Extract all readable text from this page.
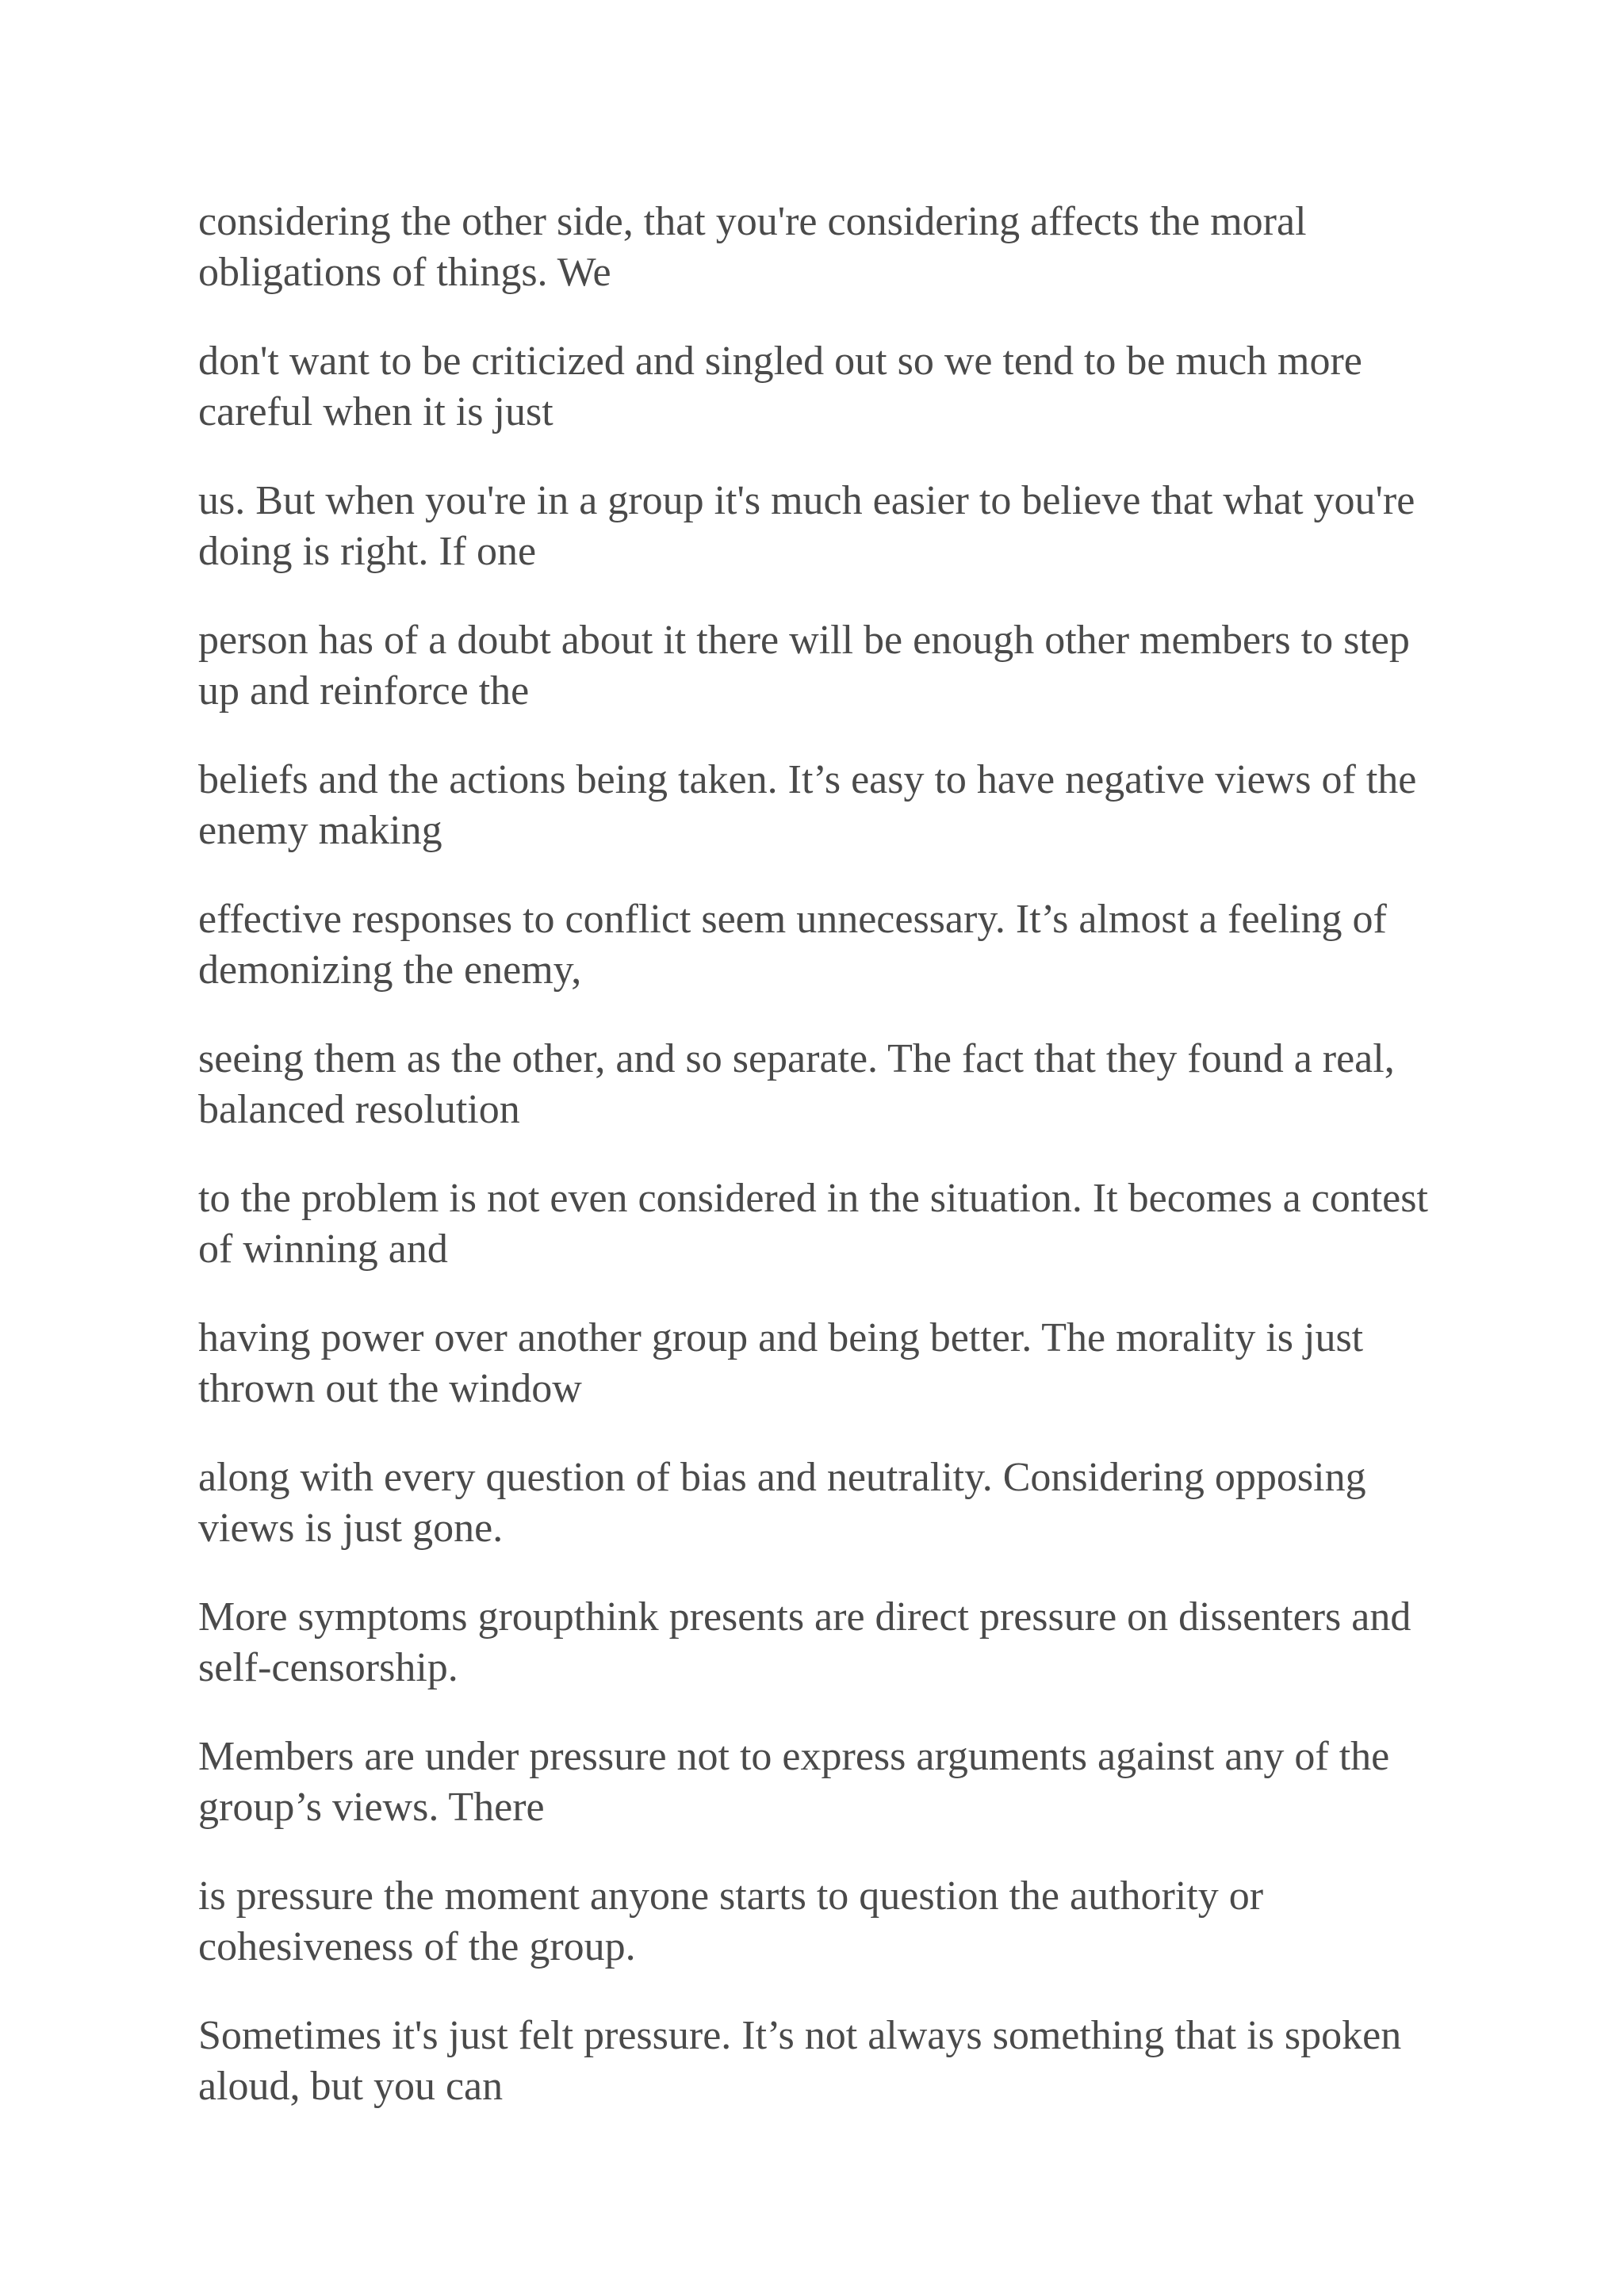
considering the other side, that you're considering affects the moral obligations of things. We

don't want to be criticized and singled out so we tend to be much more careful when it is just

us. But when you're in a group it's much easier to believe that what you're doing is right. If one

person has of a doubt about it there will be enough other members to step up and reinforce the

beliefs and the actions being taken. It’s easy to have negative views of the enemy making

effective responses to conflict seem unnecessary. It’s almost a feeling of demonizing the enemy,

seeing them as the other, and so separate. The fact that they found a real, balanced resolution

to the problem is not even considered in the situation. It becomes a contest of winning and

having power over another group and being better. The morality is just thrown out the window

along with every question of bias and neutrality. Considering opposing views is just gone.

More symptoms groupthink presents are direct pressure on dissenters and self-censorship.

Members are under pressure not to express arguments against any of the group’s views. There

is pressure the moment anyone starts to question the authority or cohesiveness of the group.

Sometimes it's just felt pressure. It’s not always something that is spoken aloud, but you can
